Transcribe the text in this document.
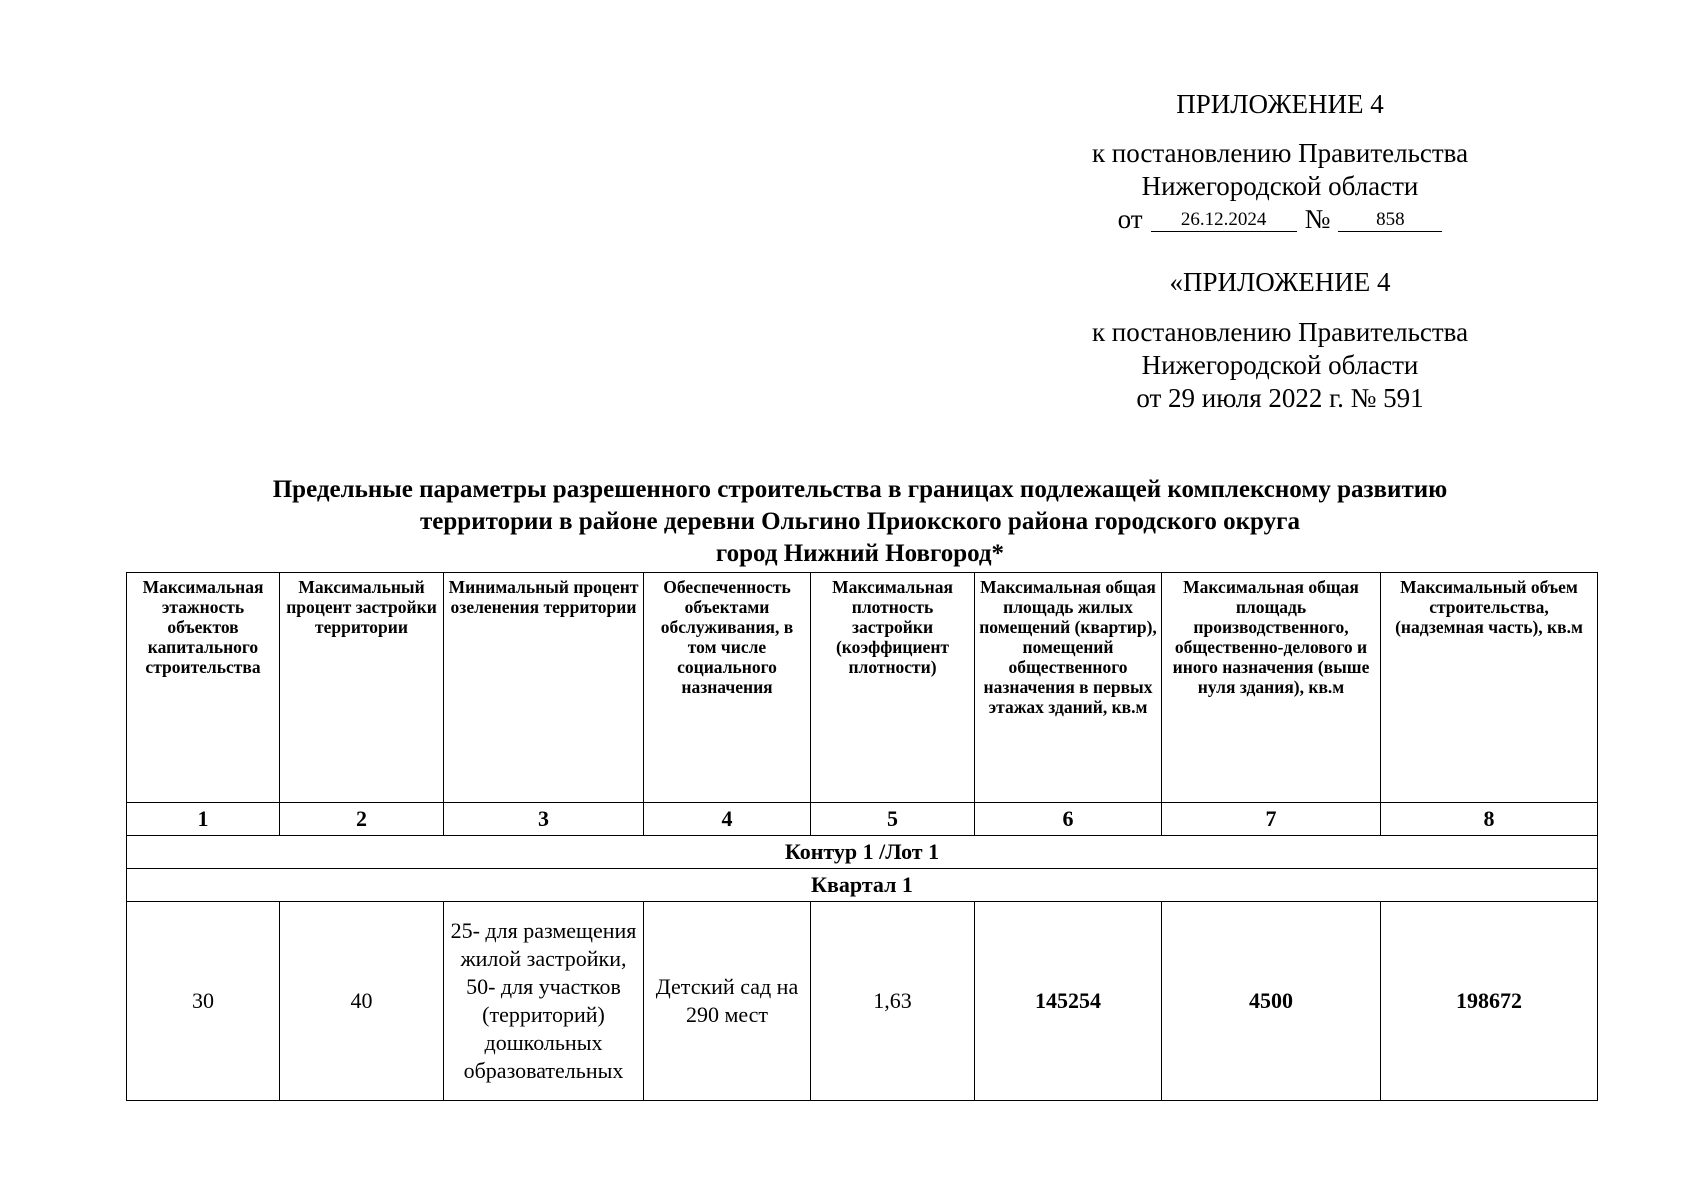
ПРИЛОЖЕНИЕ 4
к постановлению Правительства
Нижегородской области
от	26.12.2024	№	858
«ПРИЛОЖЕНИЕ 4
к постановлению Правительства
Нижегородской области
от 29 июля 2022 г. № 591
Предельные параметры разрешенного строительства в границах подлежащей комплексному развитию
территории в районе деревни Ольгино Приокского района городского округа
город Нижний Новгород*
Максимальная этажность объектов капитального строительства	Максимальный процент застройки территории	Минимальный процент озеленения территории	Обеспеченность объектами обслуживания, в том числе социального назначения	Максимальная плотность застройки (коэффициент плотности)	Максимальная общая площадь жилых помещений (квартир), помещений общественного назначения в первых этажах зданий, кв.м	Максимальная общая площадь производственного, общественно-делового и иного назначения (выше нуля здания), кв.м	Максимальный объем строительства, (надземная часть), кв.м
1	2	3	4	5	6	7	8
Контур 1 /Лот 1							
Квартал 1							
30	40	25- для размещения жилой застройки, 50- для участков (территорий) дошкольных образовательных	Детский сад на 290 мест	1,63	145254	4500	198672
